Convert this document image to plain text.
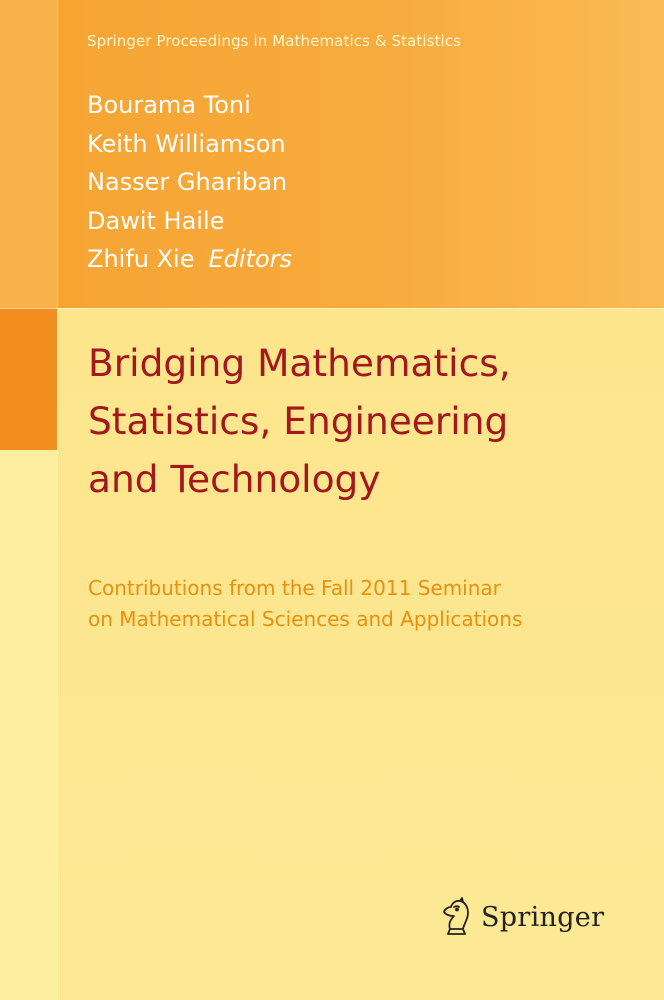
Springer Proceedings in Mathematics & Statistics
Bourama Toni
Keith Williamson
Nasser Ghariban
Dawit Haile
Zhifu Xie Editors
Bridging Mathematics,
Statistics, Engineering
and Technology
Contributions from the Fall 2011 Seminar
on Mathematical Sciences and Applications
Springer
